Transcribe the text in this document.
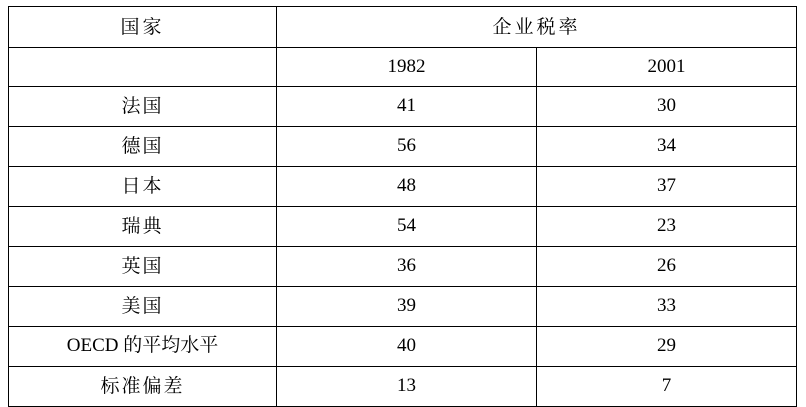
国家	企业税率	
	1982	2001
法国	41	30
德国	56	34
日本	48	37
瑞典	54	23
英国	36	26
美国	39	33
OECD 的平均水平	40	29
标准偏差	13	7
